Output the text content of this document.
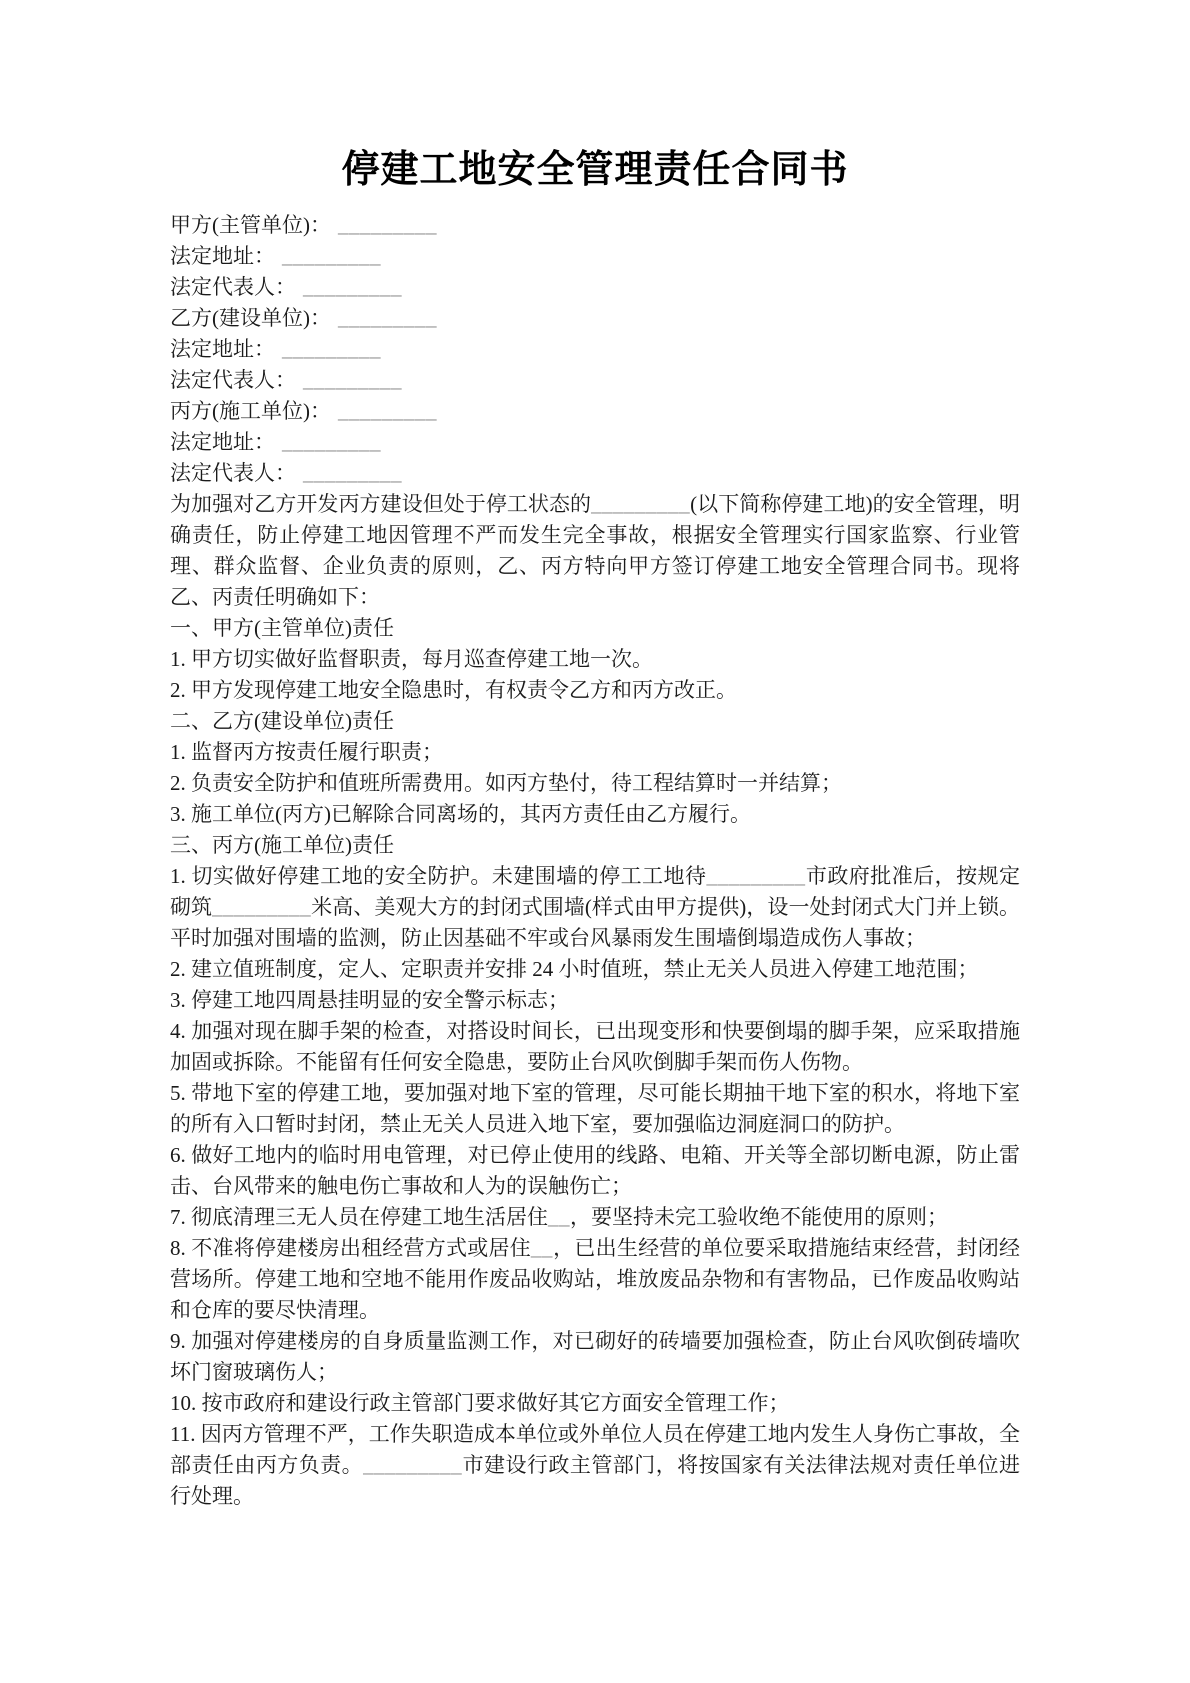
停建工地安全管理责任合同书

甲方(主管单位)： _________

法定地址： _________

法定代表人： _________

乙方(建设单位)： _________

法定地址： _________

法定代表人： _________

丙方(施工单位)： _________

法定地址： _________

法定代表人： _________

为加强对乙方开发丙方建设但处于停工状态的_________(以下简称停建工地)的安全管理，明确责任，防止停建工地因管理不严而发生完全事故，根据安全管理实行国家监察、行业管理、群众监督、企业负责的原则，乙、丙方特向甲方签订停建工地安全管理合同书。现将乙、丙责任明确如下：

一、甲方(主管单位)责任

1. 甲方切实做好监督职责，每月巡查停建工地一次。

2. 甲方发现停建工地安全隐患时，有权责令乙方和丙方改正。

二、乙方(建设单位)责任

1. 监督丙方按责任履行职责；

2. 负责安全防护和值班所需费用。如丙方垫付，待工程结算时一并结算；

3. 施工单位(丙方)已解除合同离场的，其丙方责任由乙方履行。

三、丙方(施工单位)责任

1. 切实做好停建工地的安全防护。未建围墙的停工工地待_________市政府批准后，按规定砌筑_________米高、美观大方的封闭式围墙(样式由甲方提供)，设一处封闭式大门并上锁。平时加强对围墙的监测，防止因基础不牢或台风暴雨发生围墙倒塌造成伤人事故；

2. 建立值班制度，定人、定职责并安排 24 小时值班，禁止无关人员进入停建工地范围；

3. 停建工地四周悬挂明显的安全警示标志；

4. 加强对现在脚手架的检查，对搭设时间长，已出现变形和快要倒塌的脚手架，应采取措施加固或拆除。不能留有任何安全隐患，要防止台风吹倒脚手架而伤人伤物。

5. 带地下室的停建工地，要加强对地下室的管理，尽可能长期抽干地下室的积水，将地下室的所有入口暂时封闭，禁止无关人员进入地下室，要加强临边洞庭洞口的防护。

6. 做好工地内的临时用电管理，对已停止使用的线路、电箱、开关等全部切断电源，防止雷击、台风带来的触电伤亡事故和人为的误触伤亡；

7. 彻底清理三无人员在停建工地生活居住__，要坚持未完工验收绝不能使用的原则；

8. 不准将停建楼房出租经营方式或居住__，已出生经营的单位要采取措施结束经营，封闭经营场所。停建工地和空地不能用作废品收购站，堆放废品杂物和有害物品，已作废品收购站和仓库的要尽快清理。

9. 加强对停建楼房的自身质量监测工作，对已砌好的砖墙要加强检查，防止台风吹倒砖墙吹坏门窗玻璃伤人；

10. 按市政府和建设行政主管部门要求做好其它方面安全管理工作；

11. 因丙方管理不严，工作失职造成本单位或外单位人员在停建工地内发生人身伤亡事故，全部责任由丙方负责。_________市建设行政主管部门，将按国家有关法律法规对责任单位进行处理。
